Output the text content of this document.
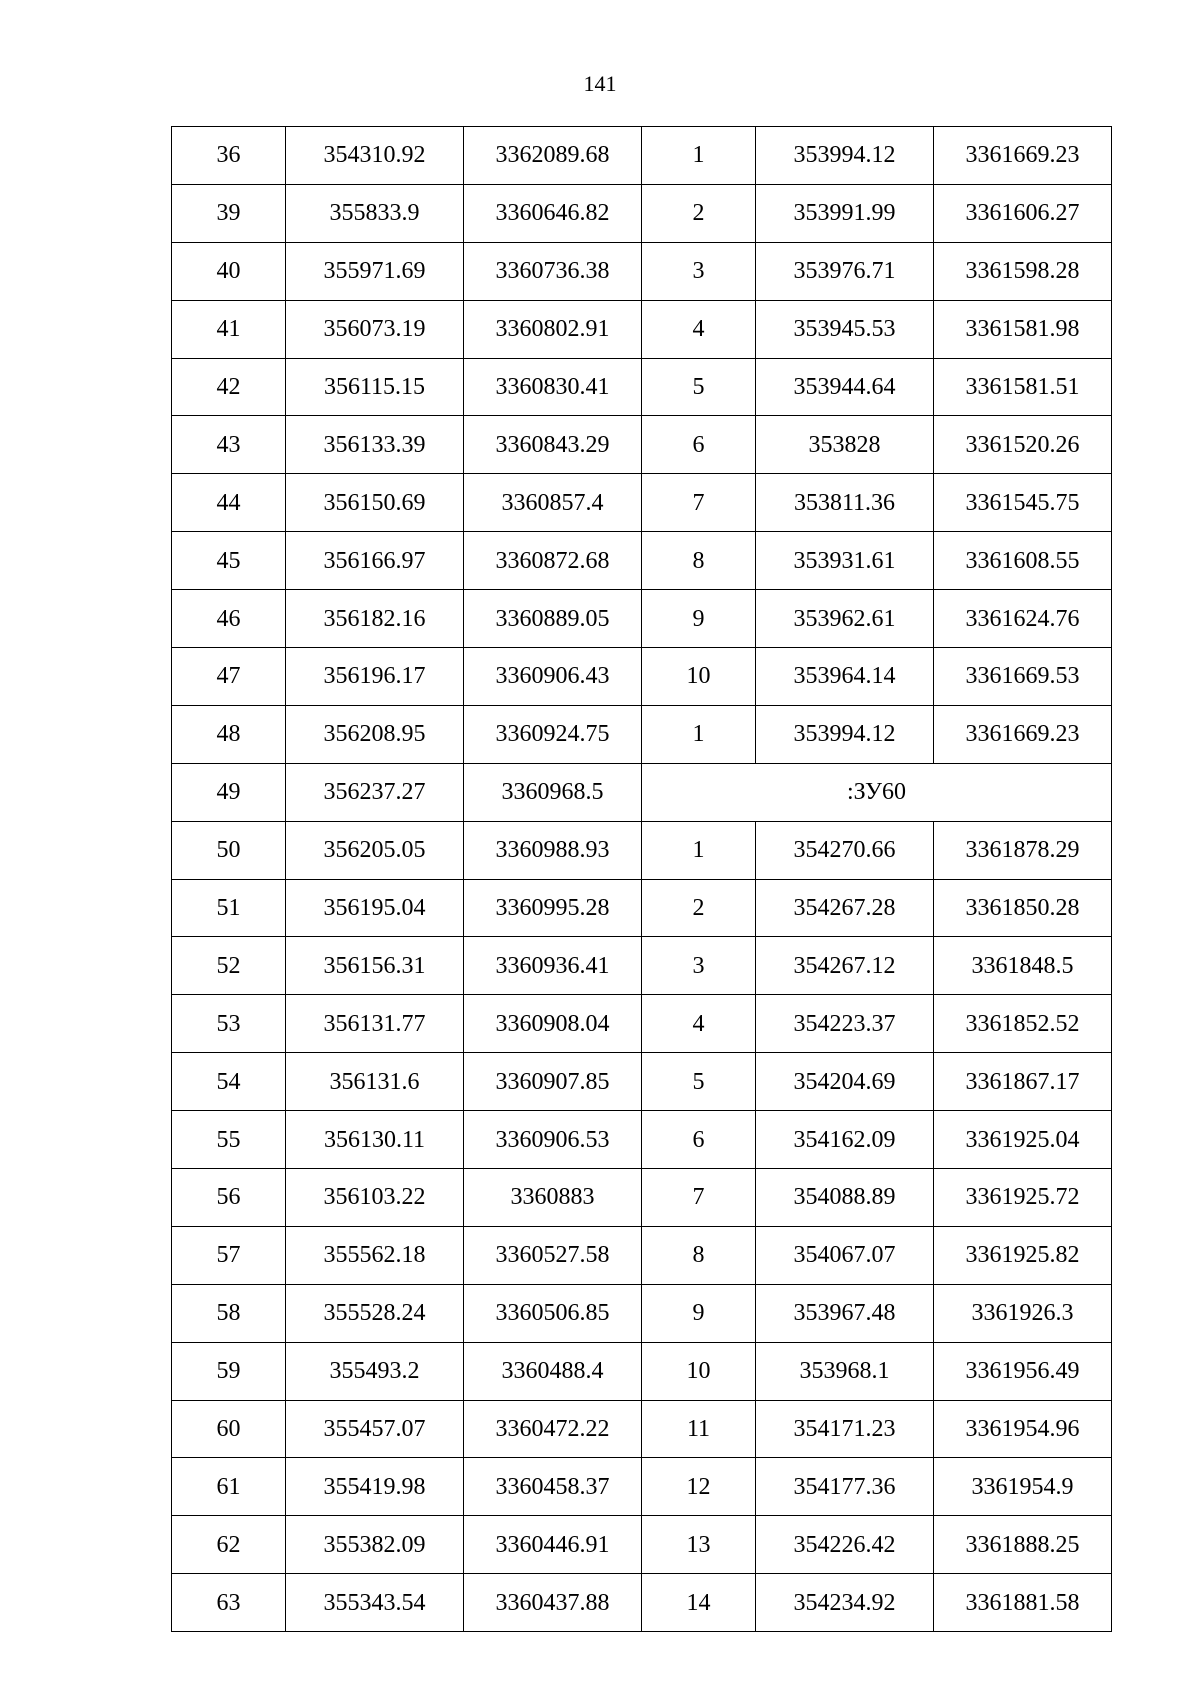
141
36	354310.92	3362089.68	1	353994.12	3361669.23
39	355833.9	3360646.82	2	353991.99	3361606.27
40	355971.69	3360736.38	3	353976.71	3361598.28
41	356073.19	3360802.91	4	353945.53	3361581.98
42	356115.15	3360830.41	5	353944.64	3361581.51
43	356133.39	3360843.29	6	353828	3361520.26
44	356150.69	3360857.4	7	353811.36	3361545.75
45	356166.97	3360872.68	8	353931.61	3361608.55
46	356182.16	3360889.05	9	353962.61	3361624.76
47	356196.17	3360906.43	10	353964.14	3361669.53
48	356208.95	3360924.75	1	353994.12	3361669.23
49	356237.27	3360968.5	:ЗУ60		
50	356205.05	3360988.93	1	354270.66	3361878.29
51	356195.04	3360995.28	2	354267.28	3361850.28
52	356156.31	3360936.41	3	354267.12	3361848.5
53	356131.77	3360908.04	4	354223.37	3361852.52
54	356131.6	3360907.85	5	354204.69	3361867.17
55	356130.11	3360906.53	6	354162.09	3361925.04
56	356103.22	3360883	7	354088.89	3361925.72
57	355562.18	3360527.58	8	354067.07	3361925.82
58	355528.24	3360506.85	9	353967.48	3361926.3
59	355493.2	3360488.4	10	353968.1	3361956.49
60	355457.07	3360472.22	11	354171.23	3361954.96
61	355419.98	3360458.37	12	354177.36	3361954.9
62	355382.09	3360446.91	13	354226.42	3361888.25
63	355343.54	3360437.88	14	354234.92	3361881.58
